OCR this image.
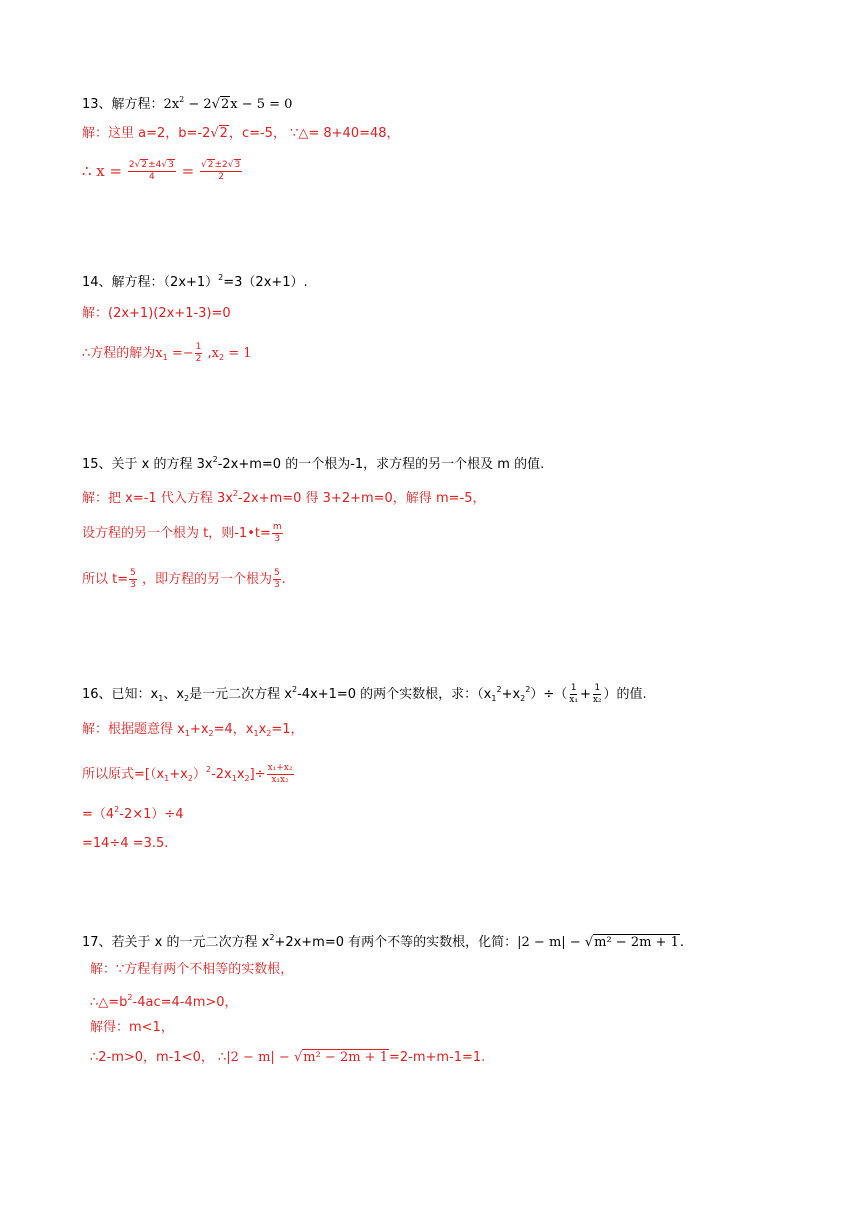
13、解方程：$2x^2 - 2√2x - 5 = 0$
解：这里 a=2，b=-2√2，c=-5， ∵△= 8+40=48，
∴ $x = \frac{2√2\pm 4√3}{4} = \frac{√2\pm 2√3}{2}$
14、解方程：$(2x+1)^2=3(2x+1)$.
解：(2x+1)(2x+1-3)=0
∴方程的解为$x_1 =- \frac{1}{2} ,x_2 = 1$
15、关于 x 的方程 $3x^2-2x+m=0$ 的一个根为-1，求方程的另一个根及 m 的值.
解：把 x=-1 代入方程 $3x^2-2x+m=0$ 得 3+2+m=0，解得 m=-5，
设方程的另一个根为 t，则-1•t= $\frac{m}{3}$
所以 $t= \frac{5}{3}$ ，即方程的另一个根为 $\frac{5}{3}$ .
16、已知：$x_1$、$x_2$是一元二次方程 $x^2-4x+1=0$ 的两个实数根，求：$(x_1^2+x_2^2)\div( \frac{1}{\text{x₁}} + \frac{1}{\text{x₂}}$ ）的值.
解：根据题意得 $x_1+x_2=4$，$x_1x_2=1$，
所以原式$=[(x_1+x_2)^2-2x_1x_2]\div \frac{\text{x₁+x₂}}{\text{x₁x₂}}$
$=(4^2-2\times 1)\div 4$
=14÷4 =3.5.
17、若关于 x 的一元二次方程 $x^2+2x+m=0$ 有两个不等的实数根，化简：|2 − m| − √m² − 2m + 1.
解：∵方程有两个不相等的实数根，
$\therefore\triangle=b^2-4ac=4-4m>0$，
解得：m<1，
∴2-m>0，m-1<0， ∴|2 − m| − √m² − 2m + 1=2-m+m-1=1.
